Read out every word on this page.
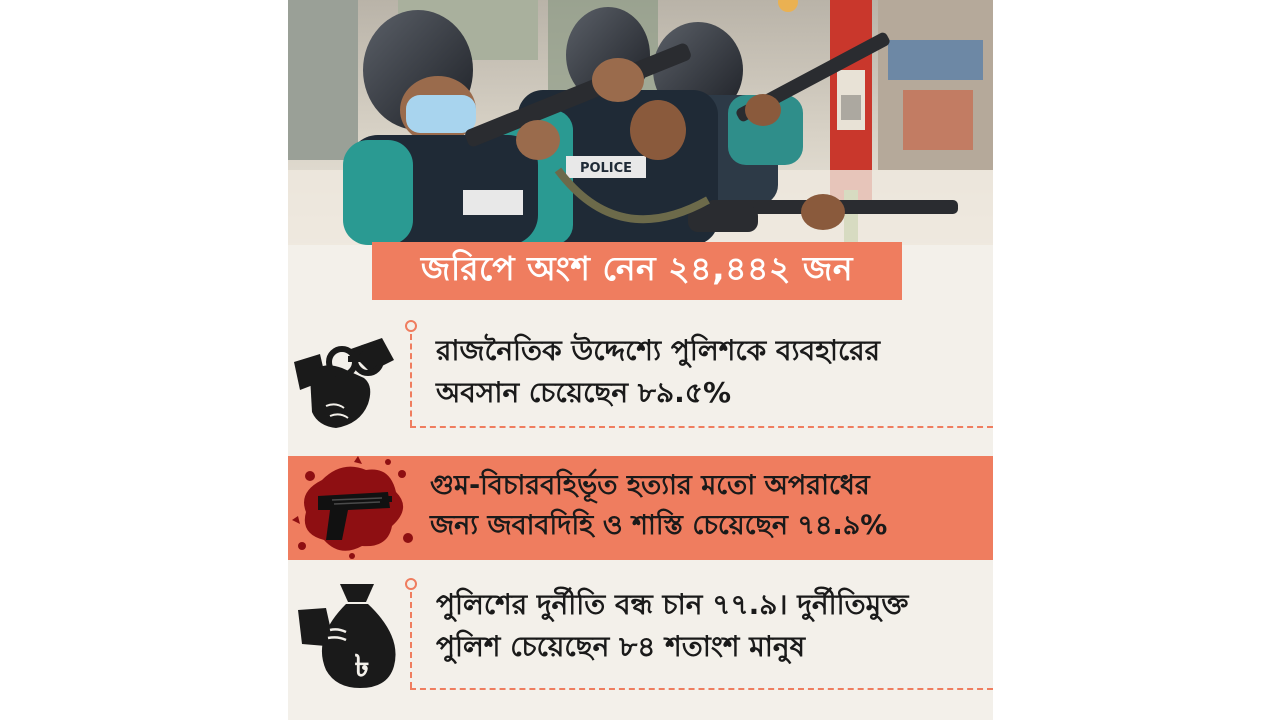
POLICE
জরিপে অংশ নেন ২৪,৪৪২ জন
রাজনৈতিক উদ্দেশ্যে পুলিশকে ব্যবহারের
অবসান চেয়েছেন ৮৯.৫%
গুম-বিচারবহির্ভূত হত্যার মতো অপরাধের
জন্য জবাবদিহি ও শাস্তি চেয়েছেন ৭৪.৯%
৳
পুলিশের দুর্নীতি বন্ধ চান ৭৭.৯। দুর্নীতিমুক্ত
পুলিশ চেয়েছেন ৮৪ শতাংশ মানুষ
